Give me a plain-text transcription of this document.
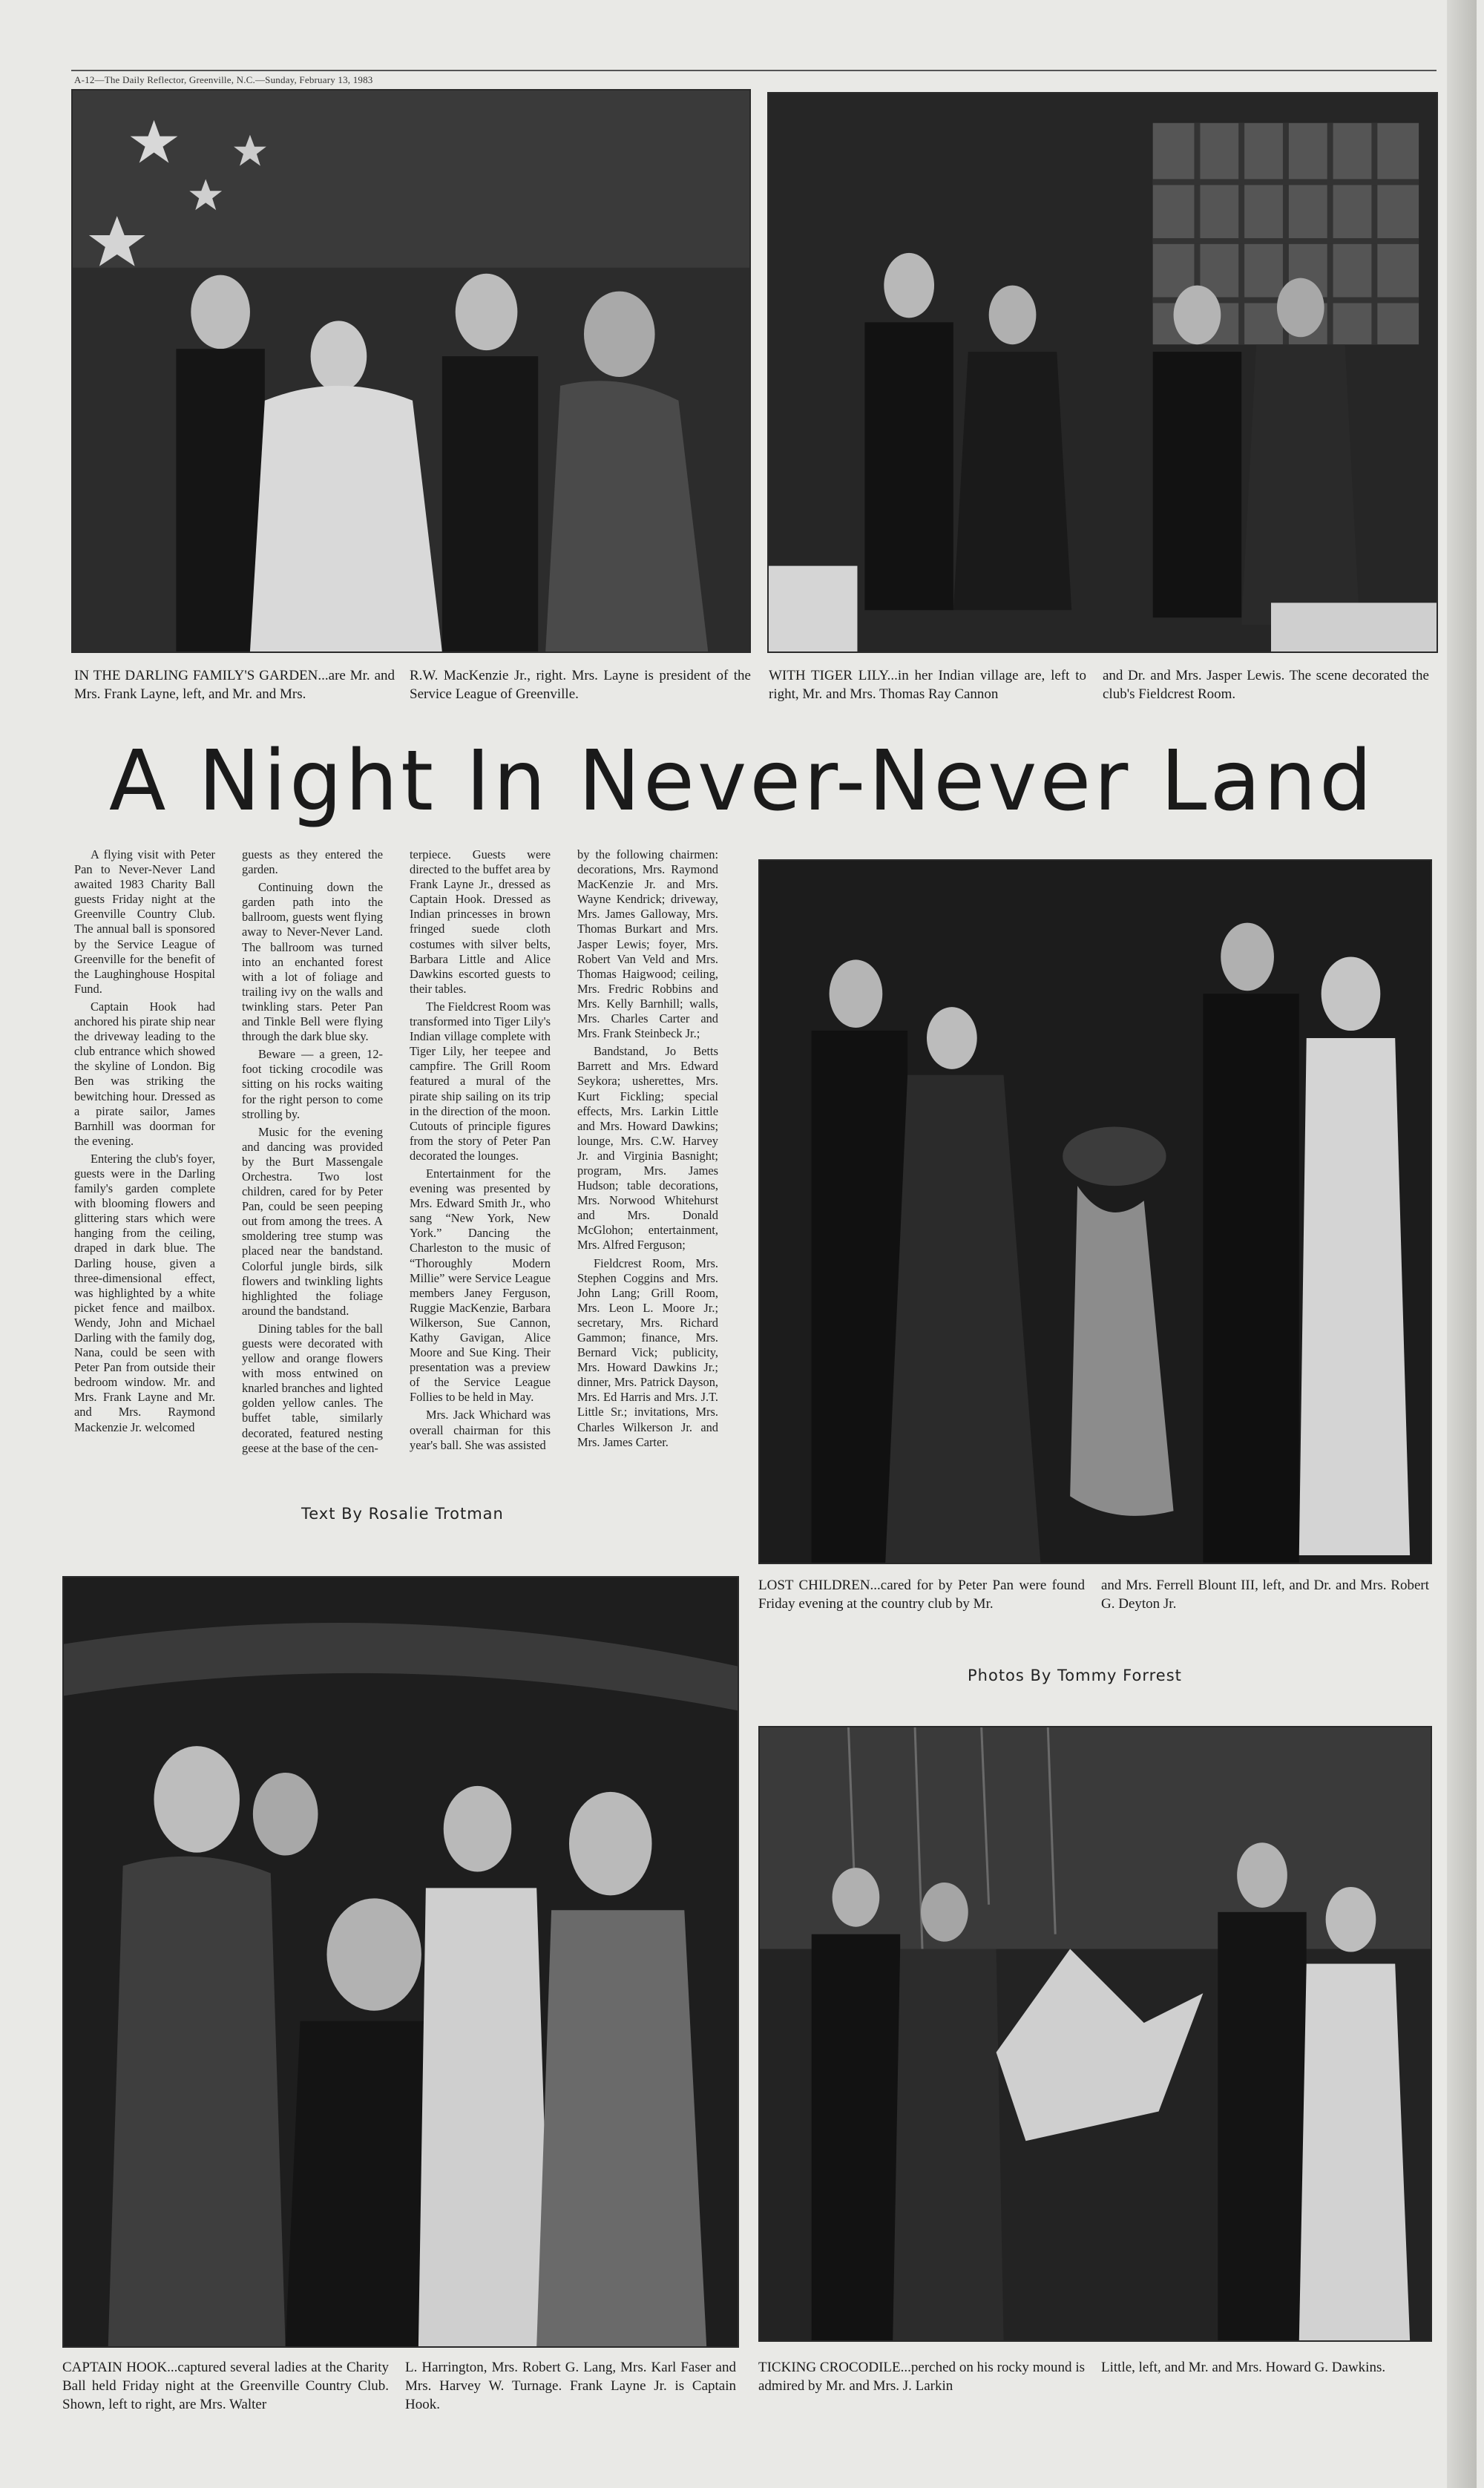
A-12—The Daily Reflector, Greenville, N.C.—Sunday, February 13, 1983
IN THE DARLING FAMILY'S GARDEN...are Mr. and Mrs. Frank Layne, left, and Mr. and Mrs.
R.W. MacKenzie Jr., right. Mrs. Layne is president of the Service League of Greenville.
WITH TIGER LILY...in her Indian village are, left to right, Mr. and Mrs. Thomas Ray Cannon
and Dr. and Mrs. Jasper Lewis. The scene decorated the club's Fieldcrest Room.
A Night In Never-Never Land

A flying visit with Peter Pan to Never-Never Land awaited 1983 Charity Ball guests Friday night at the Greenville Country Club. The annual ball is sponsored by the Service League of Greenville for the benefit of the Laughinghouse Hospital Fund.

Captain Hook had anchored his pirate ship near the driveway leading to the club entrance which showed the skyline of London. Big Ben was striking the bewitching hour. Dressed as a pirate sailor, James Barnhill was doorman for the evening.

Entering the club's foyer, guests were in the Darling family's garden complete with blooming flowers and glittering stars which were hanging from the ceiling, draped in dark blue. The Darling house, given a three-dimensional effect, was highlighted by a white picket fence and mailbox. Wendy, John and Michael Darling with the family dog, Nana, could be seen with Peter Pan from outside their bedroom window. Mr. and Mrs. Frank Layne and Mr. and Mrs. Raymond Mackenzie Jr. welcomed

guests as they entered the garden.

Continuing down the garden path into the ballroom, guests went flying away to Never-Never Land. The ballroom was turned into an enchanted forest with a lot of foliage and trailing ivy on the walls and twinkling stars. Peter Pan and Tinkle Bell were flying through the dark blue sky.

Beware — a green, 12-foot ticking crocodile was sitting on his rocks waiting for the right person to come strolling by.

Music for the evening and dancing was provided by the Burt Massengale Orchestra. Two lost children, cared for by Peter Pan, could be seen peeping out from among the trees. A smoldering tree stump was placed near the bandstand. Colorful jungle birds, silk flowers and twinkling lights highlighted the foliage around the bandstand.

Dining tables for the ball guests were decorated with yellow and orange flowers with moss entwined on knarled branches and lighted golden yellow canles. The buffet table, similarly decorated, featured nesting geese at the base of the cen-

terpiece. Guests were directed to the buffet area by Frank Layne Jr., dressed as Captain Hook. Dressed as Indian princesses in brown fringed suede cloth costumes with silver belts, Barbara Little and Alice Dawkins escorted guests to their tables.

The Fieldcrest Room was transformed into Tiger Lily's Indian village complete with Tiger Lily, her teepee and campfire. The Grill Room featured a mural of the pirate ship sailing on its trip in the direction of the moon. Cutouts of principle figures from the story of Peter Pan decorated the lounges.

Entertainment for the evening was presented by Mrs. Edward Smith Jr., who sang “New York, New York.” Dancing the Charleston to the music of “Thoroughly Modern Millie” were Service League members Janey Ferguson, Ruggie MacKenzie, Barbara Wilkerson, Sue Cannon, Kathy Gavigan, Alice Moore and Sue King. Their presentation was a preview of the Service League Follies to be held in May.

Mrs. Jack Whichard was overall chairman for this year's ball. She was assisted

by the following chairmen: decorations, Mrs. Raymond MacKenzie Jr. and Mrs. Wayne Kendrick; driveway, Mrs. James Galloway, Mrs. Thomas Burkart and Mrs. Jasper Lewis; foyer, Mrs. Robert Van Veld and Mrs. Thomas Haigwood; ceiling, Mrs. Fredric Robbins and Mrs. Kelly Barnhill; walls, Mrs. Charles Carter and Mrs. Frank Steinbeck Jr.;

Bandstand, Jo Betts Barrett and Mrs. Edward Seykora; usherettes, Mrs. Kurt Fickling; special effects, Mrs. Larkin Little and Mrs. Howard Dawkins; lounge, Mrs. C.W. Harvey Jr. and Virginia Basnight; program, Mrs. James Hudson; table decorations, Mrs. Norwood Whitehurst and Mrs. Donald McGlohon; entertainment, Mrs. Alfred Ferguson;

Fieldcrest Room, Mrs. Stephen Coggins and Mrs. John Lang; Grill Room, Mrs. Leon L. Moore Jr.; secretary, Mrs. Richard Gammon; finance, Mrs. Bernard Vick; publicity, Mrs. Howard Dawkins Jr.; dinner, Mrs. Patrick Dayson, Mrs. Ed Harris and Mrs. J.T. Little Sr.; invitations, Mrs. Charles Wilkerson Jr. and Mrs. James Carter.

Text By Rosalie Trotman
LOST CHILDREN...cared for by Peter Pan were found Friday evening at the country club by Mr.
and Mrs. Ferrell Blount III, left, and Dr. and Mrs. Robert G. Deyton Jr.
Photos By Tommy Forrest
CAPTAIN HOOK...captured several ladies at the Charity Ball held Friday night at the Greenville Country Club. Shown, left to right, are Mrs. Walter
L. Harrington, Mrs. Robert G. Lang, Mrs. Karl Faser and Mrs. Harvey W. Turnage. Frank Layne Jr. is Captain Hook.
TICKING CROCODILE...perched on his rocky mound is admired by Mr. and Mrs. J. Larkin
Little, left, and Mr. and Mrs. Howard G. Dawkins.
